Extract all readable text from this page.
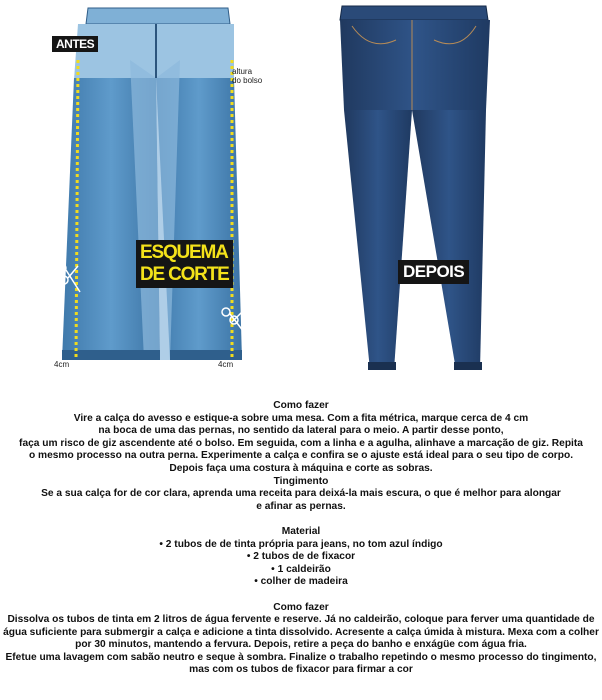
ANTES
DEPOIS
ESQUEMA
DE CORTE
altura
do bolso
4cm	4cm

Como fazer

Vire a calça do avesso e estique-a sobre uma mesa. Com a fita métrica, marque cerca de 4 cm

na boca de uma das pernas, no sentido da lateral para o meio. A partir desse ponto,

faça um risco de giz ascendente até o bolso. Em seguida, com a linha e a agulha, alinhave a marcação de giz. Repita

o mesmo processo na outra perna. Experimente a calça e confira se o ajuste está ideal para o seu tipo de corpo.

Depois faça uma costura à máquina e corte as sobras.

Tingimento

Se a sua calça for de cor clara, aprenda uma receita para deixá-la mais escura, o que é melhor para alongar

e afinar as pernas.

Material

• 2 tubos de de tinta própria para jeans, no tom azul índigo

• 2 tubos de de fixacor

• 1 caldeirão

• colher de madeira

Como fazer

Dissolva os tubos de tinta em 2 litros de água fervente e reserve. Já no caldeirão, coloque para ferver uma quantidade de

água suficiente para submergir a calça e adicione a tinta dissolvido. Acresente a calça úmida à mistura. Mexa com a colher

por 30 minutos, mantendo a fervura. Depois, retire a peça do banho e enxágüe com água fria.

Efetue uma lavagem com sabão neutro e seque à sombra. Finalize o trabalho repetindo o mesmo processo do tingimento,

mas com os tubos de fixacor para firmar a cor
